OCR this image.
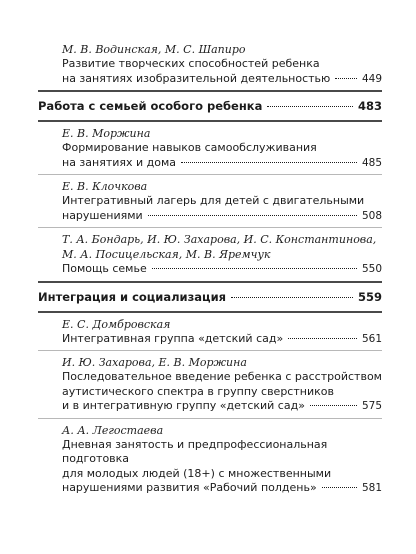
М. В. Водинская, М. С. Шапиро
Развитие творческих способностей ребенка
на занятиях изобразительной деятельностью	449
Работа с семьей особого ребенка	483
Е. В. Моржина
Формирование навыков самообслуживания
на занятиях и дома	485
Е. В. Клочкова
Интегративный лагерь для детей с двигательными
нарушениями	508
Т. А. Бондарь, И. Ю. Захарова, И. С. Константинова,
М. А. Посицельская, М. В. Яремчук
Помощь семье	550
Интеграция и социализация	559
Е. С. Домбровская
Интегративная группа «детский сад»	561
И. Ю. Захарова, Е. В. Моржина
Последовательное введение ребенка с расстройством
аутистического спектра в группу сверстников
и в интегративную группу «детский сад»	575
А. А. Легостаева
Дневная занятость и предпрофессиональная подготовка
для молодых людей (18+) с множественными
нарушениями развития «Рабочий полдень»	581
